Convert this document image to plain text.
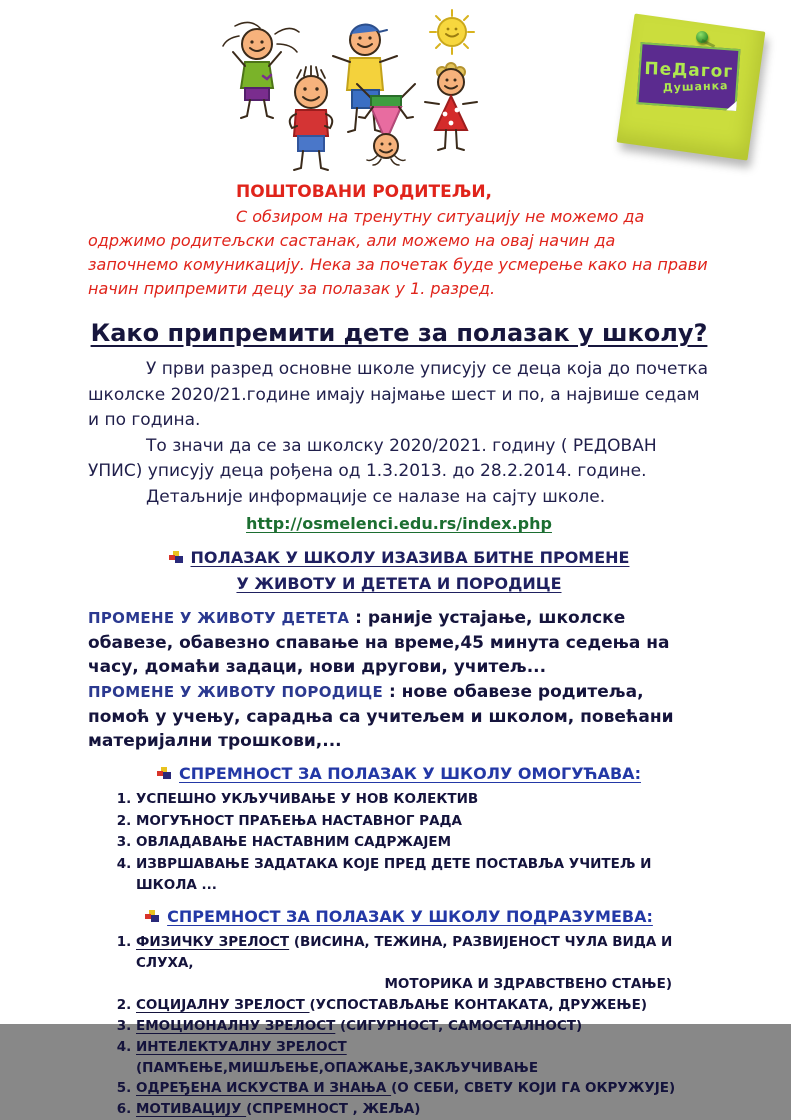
ПеДагог
Душанка

ПОШТОВАНИ РОДИТЕЉИ,

С обзиром на тренутну ситуацију не можемо да одржимо родитељски састанак, али можемо на овај начин да започнемо комуникацију. Нека за почетак буде усмерење како на прави начин припремити децу за полазак у 1. разред.

Како припремити дете за полазак у школу?

У први разред основне школе уписују се деца која до почетка школске 2020/21.године имају најмање шест и по, а највише седам и по година.

То значи да се за школску 2020/2021. годину ( РЕДОВАН УПИС) уписују деца рођена од 1.3.2013. до 28.2.2014. године.

Детаљније информације се налазе на сајту школе.

http://osmelenci.edu.rs/index.php

ПОЛАЗАК У ШКОЛУ ИЗАЗИВА БИТНЕ ПРОМЕНЕ
У ЖИВОТУ И ДЕТЕТА И ПОРОДИЦЕ

ПРОМЕНЕ У ЖИВОТУ ДЕТЕТА : раније устајање, школске обавезе, обавезно спавање на време,45 минута седења на часу, домаћи задаци, нови другови, учитељ...
ПРОМЕНЕ У ЖИВОТУ ПОРОДИЦЕ : нове обавезе родитеља, помоћ у учењу, сарадња са учитељем и школом, повећани материјални трошкови,...

СПРЕМНОСТ ЗА ПОЛАЗАК У ШКОЛУ ОМОГУЋАВА:
1. УСПЕШНО УКЉУЧИВАЊЕ У НОВ КОЛЕКТИВ
2. МОГУЋНОСТ ПРАЋЕЊА НАСТАВНОГ РАДА
3. ОВЛАДАВАЊЕ НАСТАВНИМ САДРЖАЈЕМ
4. ИЗВРШАВАЊЕ ЗАДАТАКА КОЈЕ ПРЕД ДЕТЕ ПОСТАВЉА УЧИТЕЉ И ШКОЛА ...
СПРЕМНОСТ ЗА ПОЛАЗАК У ШКОЛУ ПОДРАЗУМЕВА:
1. ФИЗИЧКУ ЗРЕЛОСТ (ВИСИНА, ТЕЖИНА, РАЗВИЈЕНОСТ ЧУЛА ВИДА И СЛУХА,
МОТОРИКА И ЗДРАВСТВЕНО СТАЊЕ)
2. СОЦИЈАЛНУ ЗРЕЛОСТ (УСПОСТАВЉАЊЕ КОНТАКАТА, ДРУЖЕЊЕ)
3. ЕМОЦИОНАЛНУ ЗРЕЛОСТ (СИГУРНОСТ, САМОСТАЛНОСТ)
4. ИНТЕЛЕКТУАЛНУ ЗРЕЛОСТ (ПАМЋЕЊЕ,МИШЉЕЊЕ,ОПАЖАЊЕ,ЗАКЉУЧИВАЊЕ
5. ОДРЕЂЕНА ИСКУСТВА И ЗНАЊА (О СЕБИ, СВЕТУ КОЈИ ГА ОКРУЖУЈЕ)
6. МОТИВАЦИЈУ (СПРЕМНОСТ , ЖЕЉА)
